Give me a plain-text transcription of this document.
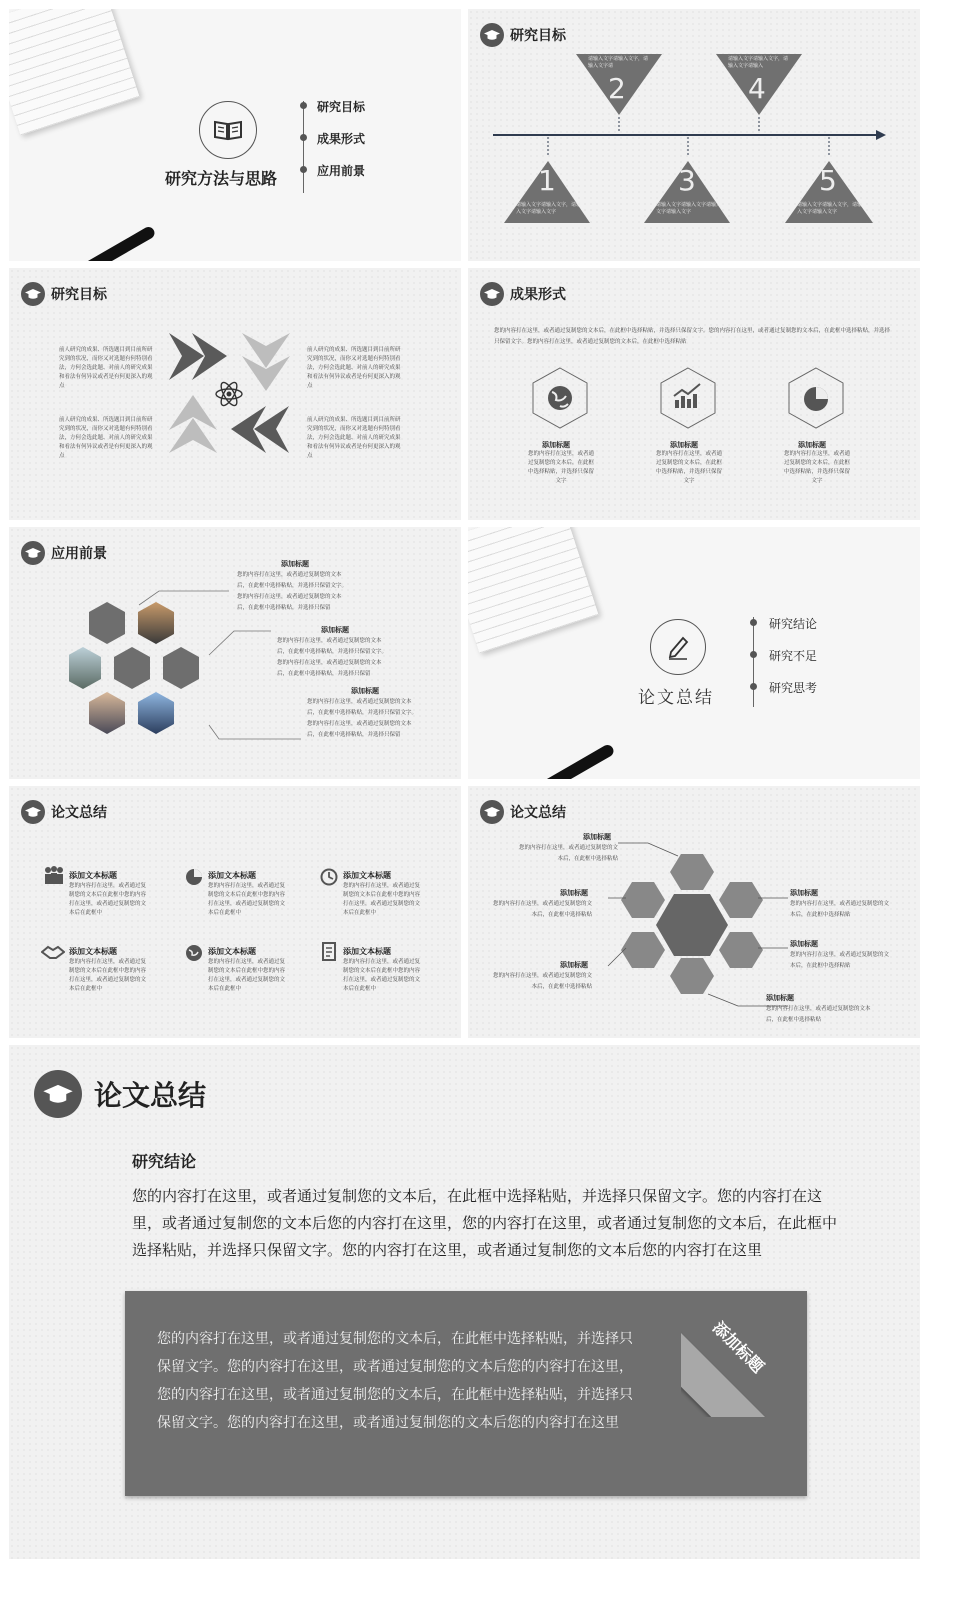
研究方法与思路
研究目标
成果形式
应用前景
研究目标
2	4
1	3	5
请输入文字请输入文字，请输入文字请
请输入文字请输入文字，请输入文字请输入
请输入文字请输入文字，请输入文字请输入文字
请输入文字请输入文字请输入文字请输入文字
请输入文字请输入文字，请输入文字请输入文字
研究目标
前人研究的成果、所选题目到目前所研究到的状况，而你又对选题有何特别看法，方何会选此题、对前人的研究成果和看法有何异议或者是有何更深入的观点
前人研究的成果、所选题目到目前所研究到的状况，而你又对选题有何特别看法，方何会选此题、对前人的研究成果和看法有何异议或者是有何更深入的观点
前人研究的成果、所选题目到目前所研究到的状况，而你又对选题有何特别看法，方何会选此题、对前人的研究成果和看法有何异议或者是有何更深入的观点
前人研究的成果、所选题目到目前所研究到的状况，而你又对选题有何特别看法，方何会选此题、对前人的研究成果和看法有何异议或者是有何更深入的观点
成果形式
您的内容打在这里，或者通过复制您的文本后，在此框中选择粘贴，并选择只保留文字。您的内容打在这里，或者通过复制您的文本后，在此框中选择粘贴，并选择只保留文字。您的内容打在这里，或者通过复制您的文本后，在此框中选择粘贴
添加标题
您的内容打在这里，或者通过复制您的文本后，在此框中选择粘贴，并选择只保留文字
添加标题
您的内容打在这里，或者通过复制您的文本后，在此框中选择粘贴，并选择只保留文字
添加标题
您的内容打在这里，或者通过复制您的文本后，在此框中选择粘贴，并选择只保留文字
应用前景
添加标题
您的内容打在这里，或者通过复制您的文本后，在此框中选择粘贴，并选择只保留文字。您的内容打在这里，或者通过复制您的文本后，在此框中选择粘贴，并选择只保留
添加标题
您的内容打在这里，或者通过复制您的文本后，在此框中选择粘贴，并选择只保留文字。您的内容打在这里，或者通过复制您的文本后，在此框中选择粘贴，并选择只保留
添加标题
您的内容打在这里，或者通过复制您的文本后，在此框中选择粘贴，并选择只保留文字。您的内容打在这里，或者通过复制您的文本后，在此框中选择粘贴，并选择只保留
论文总结
研究结论
研究不足
研究思考
论文总结
添加文本标题
您的内容打在这里，或者通过复制您的文本后在此框中您的内容打在这里，或者通过复制您的文本后在此框中
添加文本标题
您的内容打在这里，或者通过复制您的文本后在此框中您的内容打在这里，或者通过复制您的文本后在此框中
添加文本标题
您的内容打在这里，或者通过复制您的文本后在此框中您的内容打在这里，或者通过复制您的文本后在此框中
添加文本标题
您的内容打在这里，或者通过复制您的文本后在此框中您的内容打在这里，或者通过复制您的文本后在此框中
添加文本标题
您的内容打在这里，或者通过复制您的文本后在此框中您的内容打在这里，或者通过复制您的文本后在此框中
添加文本标题
您的内容打在这里，或者通过复制您的文本后在此框中您的内容打在这里，或者通过复制您的文本后在此框中
论文总结
添加标题
您的内容打在这里，或者通过复制您的文本后，在此框中选择粘贴
添加标题
您的内容打在这里，或者通过复制您的文本后，在此框中选择粘贴
添加标题
您的内容打在这里，或者通过复制您的文本后，在此框中选择粘贴
添加标题
您的内容打在这里，或者通过复制您的文本后，在此框中选择粘贴
添加标题
您的内容打在这里，或者通过复制您的文本后，在此框中选择粘贴
添加标题
您的内容打在这里，或者通过复制您的文本后，在此框中选择粘贴
论文总结
研究结论
您的内容打在这里，或者通过复制您的文本后，在此框中选择粘贴，并选择只保留文字。您的内容打在这里，或者通过复制您的文本后您的内容打在这里，您的内容打在这里，或者通过复制您的文本后，在此框中选择粘贴，并选择只保留文字。您的内容打在这里，或者通过复制您的文本后您的内容打在这里
您的内容打在这里，或者通过复制您的文本后，在此框中选择粘贴，并选择只保留文字。您的内容打在这里，或者通过复制您的文本后您的内容打在这里，您的内容打在这里，或者通过复制您的文本后，在此框中选择粘贴，并选择只保留文字。您的内容打在这里，或者通过复制您的文本后您的内容打在这里
添加标题
